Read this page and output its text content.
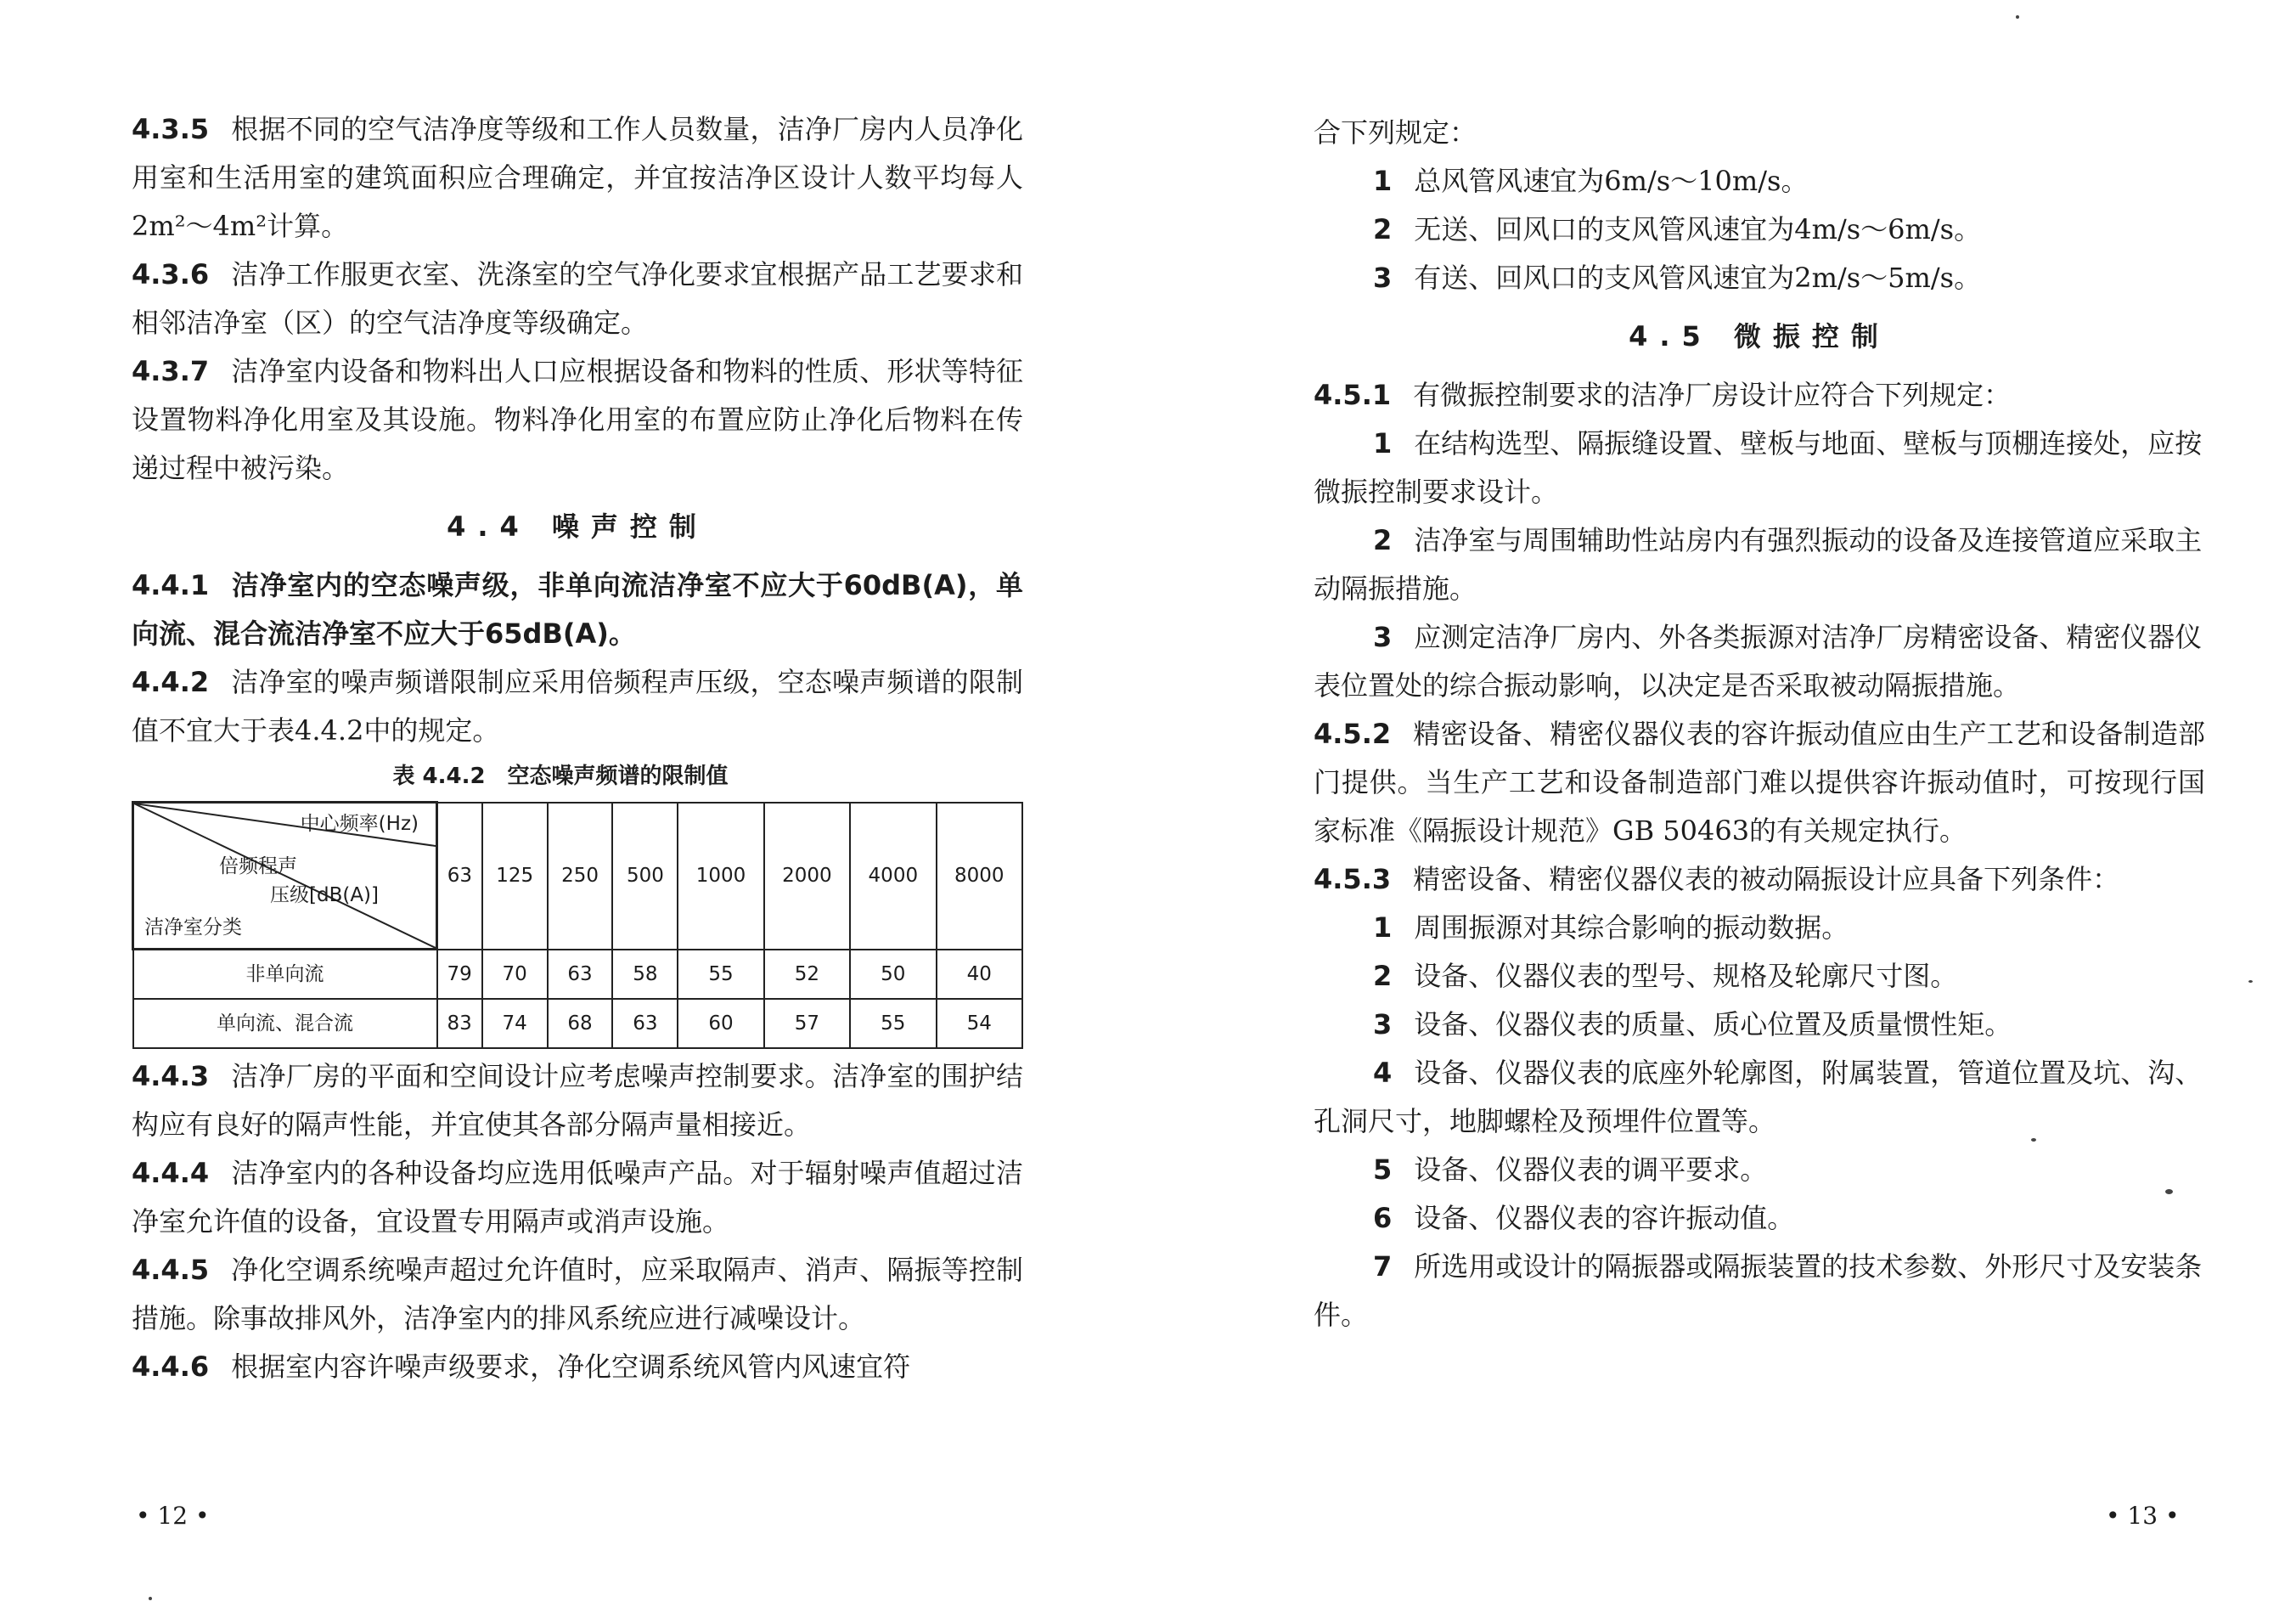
4.3.5 根据不同的空气洁净度等级和工作人员数量，洁净厂房内人员净化用室和生活用室的建筑面积应合理确定，并宜按洁净区设计人数平均每人2m²～4m²计算。

4.3.6 洁净工作服更衣室、洗涤室的空气净化要求宜根据产品工艺要求和相邻洁净室（区）的空气洁净度等级确定。

4.3.7 洁净室内设备和物料出人口应根据设备和物料的性质、形状等特征设置物料净化用室及其设施。物料净化用室的布置应防止净化后物料在传递过程中被污染。

4.4 噪声控制

4.4.1 洁净室内的空态噪声级，非单向流洁净室不应大于60dB(A)，单向流、混合流洁净室不应大于65dB(A)。

4.4.2 洁净室的噪声频谱限制应采用倍频程声压级，空态噪声频谱的限制值不宜大于表4.4.2中的规定。

表 4.4.2　空态噪声频谱的限制值

中心频率(Hz)
倍频程声
压级[dB(A)]
洁净室分类	63	125	250	500	1000	2000	4000	8000
非单向流	79	70	63	58	55	52	50	40
单向流、混合流	83	74	68	63	60	57	55	54

4.4.3 洁净厂房的平面和空间设计应考虑噪声控制要求。洁净室的围护结构应有良好的隔声性能，并宜使其各部分隔声量相接近。

4.4.4 洁净室内的各种设备均应选用低噪声产品。对于辐射噪声值超过洁净室允许值的设备，宜设置专用隔声或消声设施。

4.4.5 净化空调系统噪声超过允许值时，应采取隔声、消声、隔振等控制措施。除事故排风外，洁净室内的排风系统应进行减噪设计。

4.4.6 根据室内容许噪声级要求，净化空调系统风管内风速宜符

• 12 •

合下列规定：

1 总风管风速宜为6m/s～10m/s。

2 无送、回风口的支风管风速宜为4m/s～6m/s。

3 有送、回风口的支风管风速宜为2m/s～5m/s。

4.5 微振控制

4.5.1 有微振控制要求的洁净厂房设计应符合下列规定：

1 在结构选型、隔振缝设置、壁板与地面、壁板与顶棚连接处，应按微振控制要求设计。

2 洁净室与周围辅助性站房内有强烈振动的设备及连接管道应采取主动隔振措施。

3 应测定洁净厂房内、外各类振源对洁净厂房精密设备、精密仪器仪表位置处的综合振动影响，以决定是否采取被动隔振措施。

4.5.2 精密设备、精密仪器仪表的容许振动值应由生产工艺和设备制造部门提供。当生产工艺和设备制造部门难以提供容许振动值时，可按现行国家标准《隔振设计规范》GB 50463的有关规定执行。

4.5.3 精密设备、精密仪器仪表的被动隔振设计应具备下列条件：

1 周围振源对其综合影响的振动数据。

2 设备、仪器仪表的型号、规格及轮廓尺寸图。

3 设备、仪器仪表的质量、质心位置及质量惯性矩。

4 设备、仪器仪表的底座外轮廓图，附属装置，管道位置及坑、沟、孔洞尺寸，地脚螺栓及预埋件位置等。

5 设备、仪器仪表的调平要求。

6 设备、仪器仪表的容许振动值。

7 所选用或设计的隔振器或隔振装置的技术参数、外形尺寸及安装条件。

• 13 •
